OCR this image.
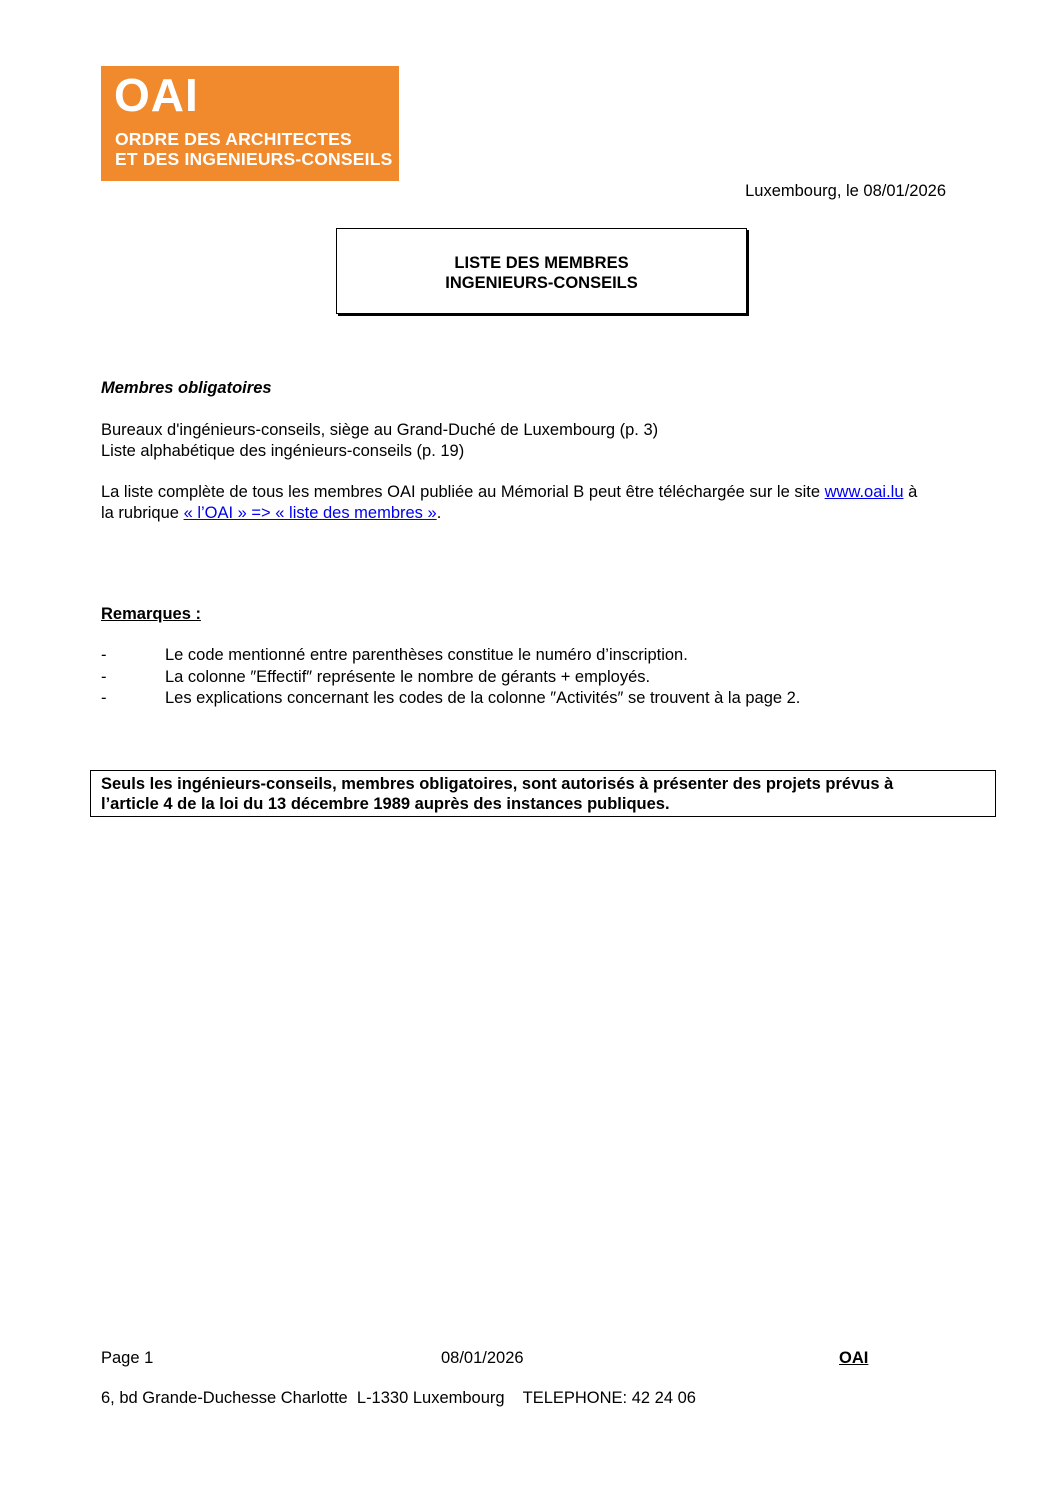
OAI
ORDRE DES ARCHITECTES
ET DES INGENIEURS-CONSEILS
Luxembourg, le 08/01/2026
LISTE DES MEMBRES
INGENIEURS-CONSEILS
Membres obligatoires
Bureaux d'ingénieurs-conseils, siège au Grand-Duché de Luxembourg (p. 3)
Liste alphabétique des ingénieurs-conseils (p. 19)
La liste complète de tous les membres OAI publiée au Mémorial B peut être téléchargée sur le site www.oai.lu à
la rubrique « l’OAI » => « liste des membres ».
Remarques :
-	Le code mentionné entre parenthèses constitue le numéro d’inscription.
-	La colonne ″Effectif″ représente le nombre de gérants + employés.
-	Les explications concernant les codes de la colonne ″Activités″ se trouvent à la page 2.
Seuls les ingénieurs-conseils, membres obligatoires, sont autorisés à présenter des projets prévus à
l’article 4 de la loi du 13 décembre 1989 auprès des instances publiques.
Page 1	08/01/2026	OAI
6, bd Grande-Duchesse Charlotte  L-1330 Luxembourg    TELEPHONE: 42 24 06
